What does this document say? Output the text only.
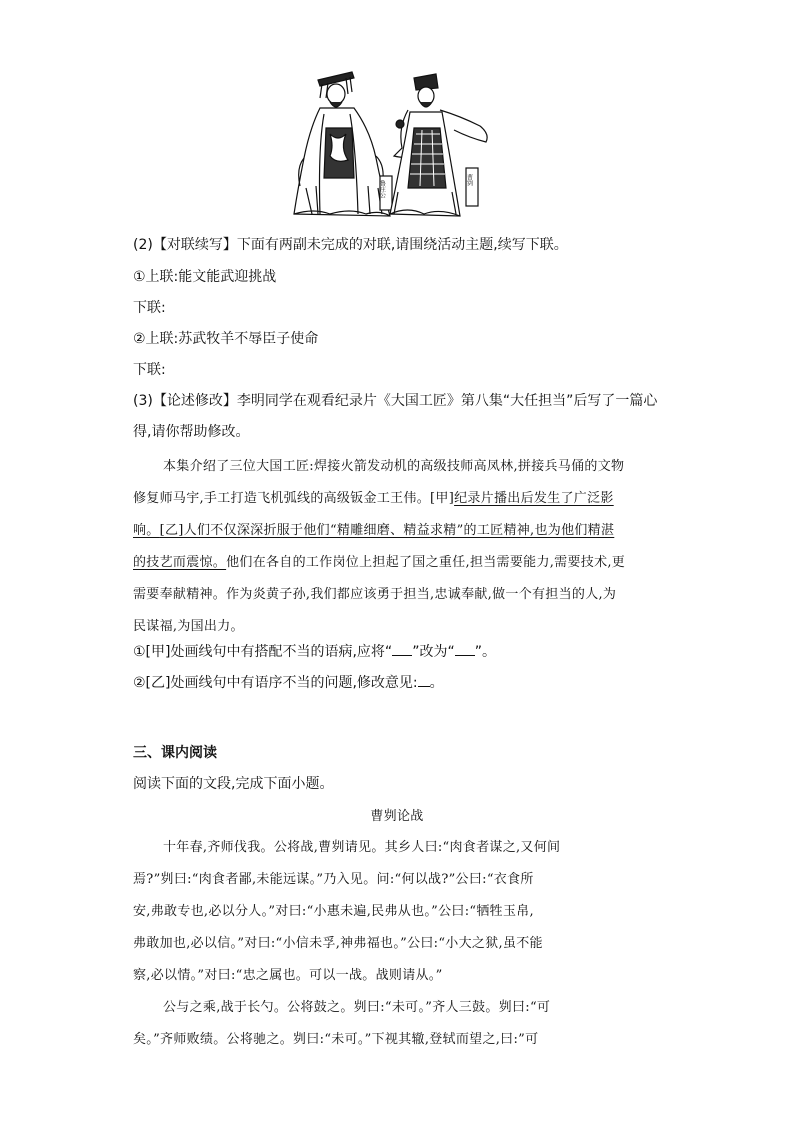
鲁庄公	曹刿
(2)【对联续写】下面有两副未完成的对联,请围绕活动主题,续写下联。
①上联:能文能武迎挑战
下联:
②上联:苏武牧羊不辱臣子使命
下联:
(3)【论述修改】李明同学在观看纪录片《大国工匠》第八集“大任担当”后写了一篇心
得,请你帮助修改。
本集介绍了三位大国工匠:焊接火箭发动机的高级技师高凤林,拼接兵马俑的文物
修复师马宇,手工打造飞机弧线的高级钣金工王伟。[甲]纪录片播出后发生了广泛影
响。[乙]人们不仅深深折服于他们“精雕细磨、精益求精”的工匠精神,也为他们精湛
的技艺而震惊。他们在各自的工作岗位上担起了国之重任,担当需要能力,需要技术,更
需要奉献精神。作为炎黄子孙,我们都应该勇于担当,忠诚奉献,做一个有担当的人,为
民谋福,为国出力。
①[甲]处画线句中有搭配不当的语病,应将“ ”改为“ ”。
②[乙]处画线句中有语序不当的问题,修改意见: 。
三、课内阅读
阅读下面的文段,完成下面小题。
曹刿论战
十年春,齐师伐我。公将战,曹刿请见。其乡人曰:“肉食者谋之,又何间
焉?”刿曰:“肉食者鄙,未能远谋。”乃入见。问:“何以战?”公曰:“衣食所
安,弗敢专也,必以分人。”对曰:“小惠未遍,民弗从也。”公曰:“牺牲玉帛,
弗敢加也,必以信。”对曰:“小信未孚,神弗福也。”公曰:“小大之狱,虽不能
察,必以情。”对曰:“忠之属也。可以一战。战则请从。”
公与之乘,战于长勺。公将鼓之。刿曰:“未可。”齐人三鼓。刿曰:“可
矣。”齐师败绩。公将驰之。刿曰:“未可。”下视其辙,登轼而望之,曰:”可
